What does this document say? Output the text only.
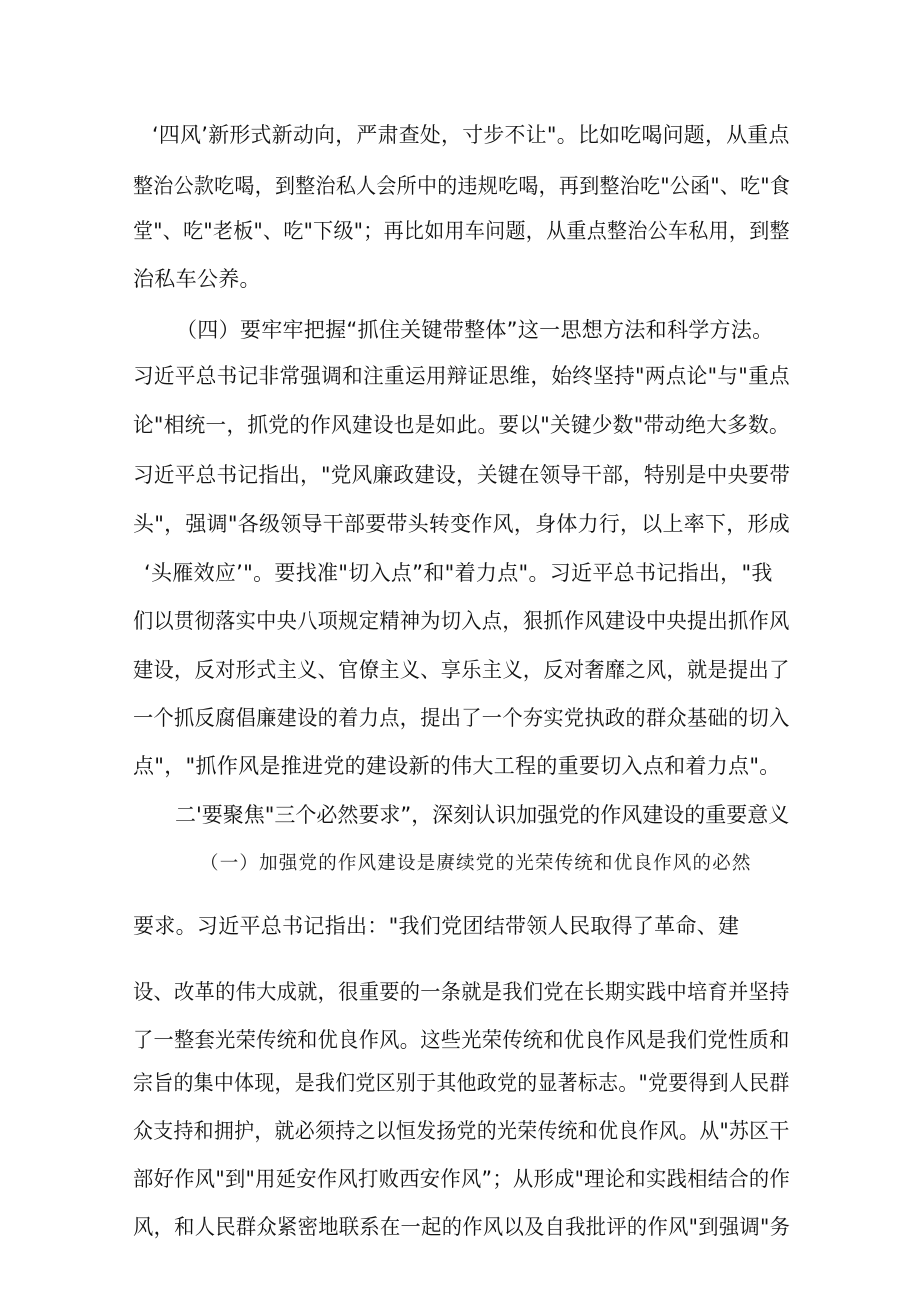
‘四风’新形式新动向，严肃查处，寸步不让"。比如吃喝问题，从重点
整治公款吃喝，到整治私人会所中的违规吃喝，再到整治吃"公函"、吃"食
堂"、吃"老板"、吃"下级"；再比如用车问题，从重点整治公车私用，到整
治私车公养。
（四）要牢牢把握“抓住关键带整体”这一思想方法和科学方法。
习近平总书记非常强调和注重运用辩证思维，始终坚持"两点论"与"重点
论"相统一，抓党的作风建设也是如此。要以"关键少数"带动绝大多数。
习近平总书记指出，"党风廉政建设，关键在领导干部，特别是中央要带
头"，强调"各级领导干部要带头转变作风，身体力行，以上率下，形成
‘头雁效应’"。要找准"切入点”和"着力点"。习近平总书记指出，"我
们以贯彻落实中央八项规定精神为切入点，狠抓作风建设中央提出抓作风
建设，反对形式主义、官僚主义、享乐主义，反对奢靡之风，就是提出了
一个抓反腐倡廉建设的着力点，提出了一个夯实党执政的群众基础的切入
点"，"抓作风是推进党的建设新的伟大工程的重要切入点和着力点"。
二'要聚焦"三个必然要求”，深刻认识加强党的作风建设的重要意义
（一）加强党的作风建设是赓续党的光荣传统和优良作风的必然
要求。习近平总书记指出："我们党团结带领人民取得了革命、建
设、改革的伟大成就，很重要的一条就是我们党在长期实践中培育并坚持
了一整套光荣传统和优良作风。这些光荣传统和优良作风是我们党性质和
宗旨的集中体现，是我们党区别于其他政党的显著标志。"党要得到人民群
众支持和拥护，就必须持之以恒发扬党的光荣传统和优良作风。从"苏区干
部好作风"到"用延安作风打败西安作风”；从形成"理论和实践相结合的作
风，和人民群众紧密地联系在一起的作风以及自我批评的作风"到强调"务
